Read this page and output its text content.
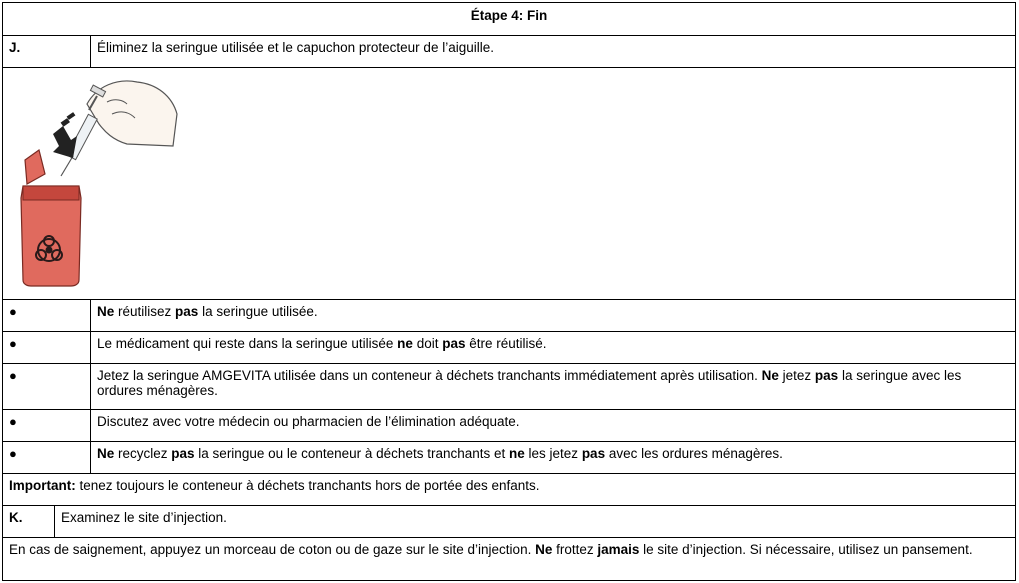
Étape 4: Fin
J.	Éliminez la seringue utilisée et le capuchon protecteur de l’aiguille.
●	Ne réutilisez pas la seringue utilisée.
●	Le médicament qui reste dans la seringue utilisée ne doit pas être réutilisé.
●	Jetez la seringue AMGEVITA utilisée dans un conteneur à déchets tranchants immédiatement après utilisation. Ne jetez pas la seringue avec les ordures ménagères.
●	Discutez avec votre médecin ou pharmacien de l’élimination adéquate.
●	Ne recyclez pas la seringue ou le conteneur à déchets tranchants et ne les jetez pas avec les ordures ménagères.
Important: tenez toujours le conteneur à déchets tranchants hors de portée des enfants.
K.	Examinez le site d’injection.
En cas de saignement, appuyez un morceau de coton ou de gaze sur le site d’injection. Ne frottez jamais le site d’injection. Si nécessaire, utilisez un pansement.
